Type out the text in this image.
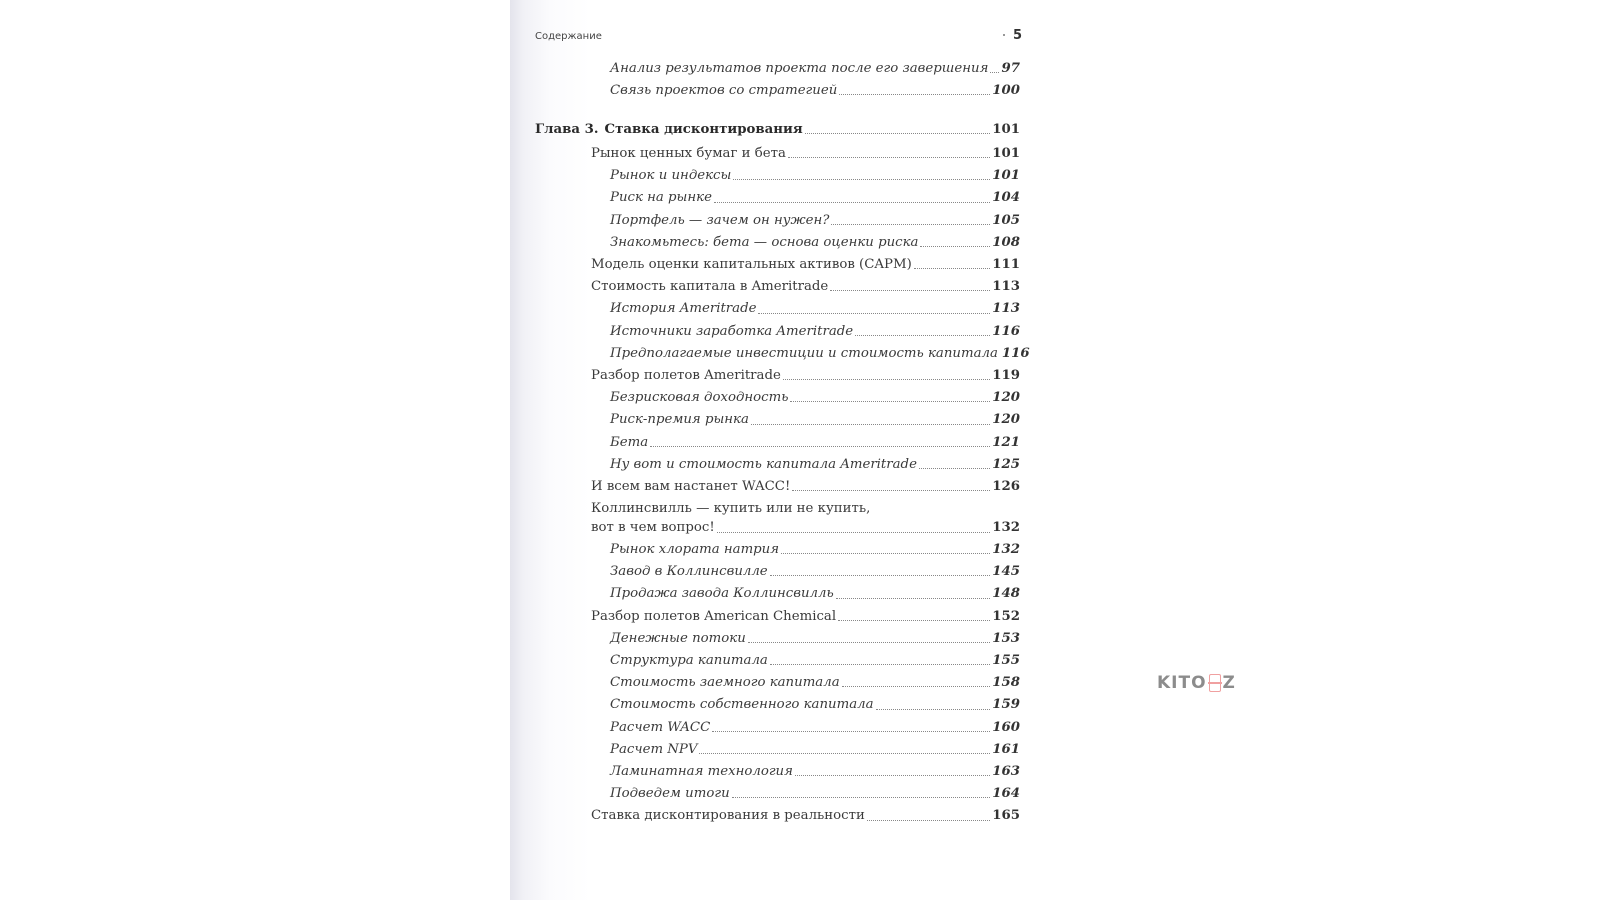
Содержание	5
Анализ результатов проекта после его завершения 97
Связь проектов со стратегией	100
Глава 3. Ставка дисконтирования	101
Рынок ценных бумаг и бета	101
Рынок и индексы	101
Риск на рынке	104
Портфель — зачем он нужен?	105
Знакомьтесь: бета — основа оценки риска	108
Модель оценки капитальных активов (CAPM)	111
Стоимость капитала в Ameritrade	113
История Ameritrade	113
Источники заработка Ameritrade	116
Предполагаемые инвестиции и стоимость капитала 116
Разбор полетов Ameritrade	119
Безрисковая доходность	120
Риск-премия рынка	120
Бета	121
Ну вот и стоимость капитала Ameritrade	125
И всем вам настанет WACC!	126
Коллинсвилль — купить или не купить,
вот в чем вопрос!	132
Рынок хлората натрия	132
Завод в Коллинсвилле	145
Продажа завода Коллинсвилль	148
Разбор полетов American Chemical	152
Денежные потоки	153
Структура капитала	155
Стоимость заемного капитала	158
Стоимость собственного капитала	159
Расчет WACC	160
Расчет NPV	161
Ламинатная технология	163
Подведем итоги	164
Ставка дисконтирования в реальности	165
KITO Z
